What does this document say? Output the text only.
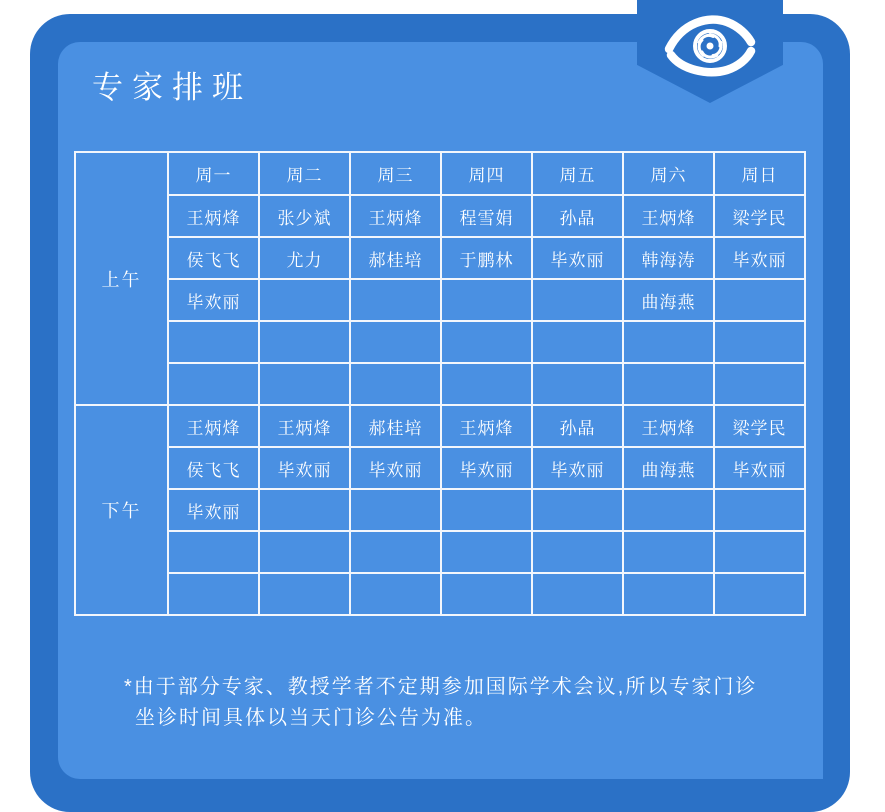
专家排班
上午	周一	周二	周三	周四	周五	周六	周日
	王炳烽	张少斌	王炳烽	程雪娟	孙晶	王炳烽	梁学民
	侯飞飞	尤力	郝桂培	于鹏林	毕欢丽	韩海涛	毕欢丽
	毕欢丽					曲海燕	

下午	王炳烽	王炳烽	郝桂培	王炳烽	孙晶	王炳烽	梁学民
	侯飞飞	毕欢丽	毕欢丽	毕欢丽	毕欢丽	曲海燕	毕欢丽
	毕欢丽						

*由于部分专家、教授学者不定期参加国际学术会议,所以专家门诊
坐诊时间具体以当天门诊公告为准。
